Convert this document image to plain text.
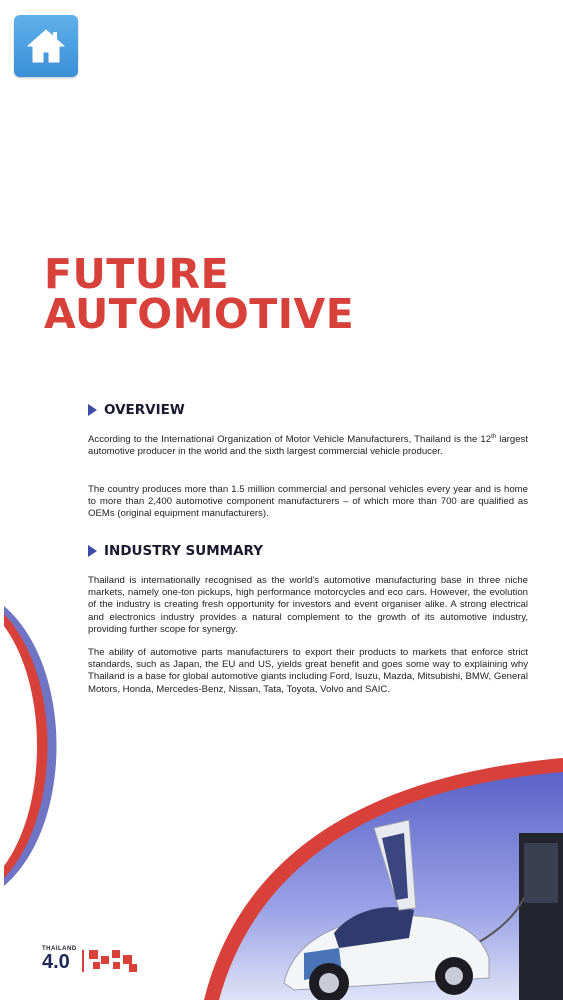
FUTURE
AUTOMOTIVE
OVERVIEW

According to the International Organization of Motor Vehicle Manufacturers, Thailand is the 12th largest automotive producer in the world and the sixth largest commercial vehicle producer.

The country produces more than 1.5 million commercial and personal vehicles every year and is home to more than 2,400 automotive component manufacturers – of which more than 700 are qualified as OEMs (original equipment manufacturers).

INDUSTRY SUMMARY

Thailand is internationally recognised as the world's automotive manufacturing base in three niche markets, namely one-ton pickups, high performance motorcycles and eco cars. However, the evolution of the industry is creating fresh opportunity for investors and event organiser alike. A strong electrical and electronics industry provides a natural complement to the growth of its automotive industry, providing further scope for synergy.

The ability of automotive parts manufacturers to export their products to markets that enforce strict standards, such as Japan, the EU and US, yields great benefit and goes some way to explaining why Thailand is a base for global automotive giants including Ford, Isuzu, Mazda, Mitsubishi, BMW, General Motors, Honda, Mercedes-Benz, Nissan, Tata, Toyota, Volvo and SAIC.

THAILAND
4.0
